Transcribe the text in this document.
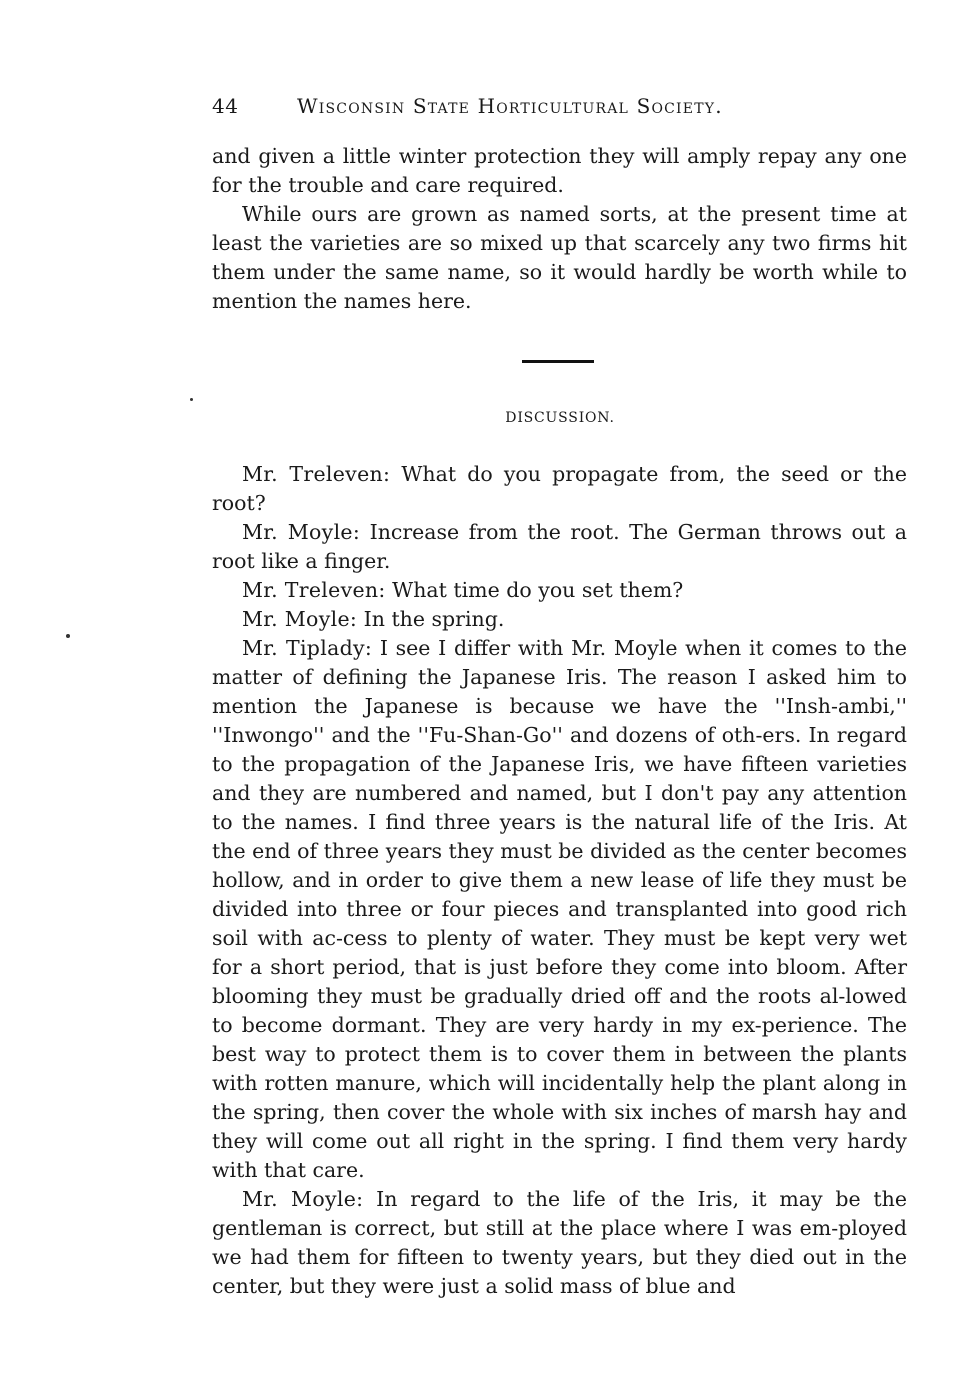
44	Wisconsin State Horticultural Society.

and given a little winter protection they will amply repay any one for the trouble and care required.

While ours are grown as named sorts, at the present time at least the varieties are so mixed up that scarcely any two firms hit them under the same name, so it would hardly be worth while to mention the names here.

DISCUSSION.

Mr. Treleven: What do you propagate from, the seed or the root?

Mr. Moyle: Increase from the root. The German throws out a root like a finger.

Mr. Treleven: What time do you set them?

Mr. Moyle: In the spring.

Mr. Tiplady: I see I differ with Mr. Moyle when it comes to the matter of defining the Japanese Iris. The reason I asked him to mention the Japanese is because we have the ''Insh-ambi,'' ''Inwongo'' and the ''Fu-Shan-Go'' and dozens of oth-ers. In regard to the propagation of the Japanese Iris, we have fifteen varieties and they are numbered and named, but I don't pay any attention to the names. I find three years is the natural life of the Iris. At the end of three years they must be divided as the center becomes hollow, and in order to give them a new lease of life they must be divided into three or four pieces and transplanted into good rich soil with ac-cess to plenty of water. They must be kept very wet for a short period, that is just before they come into bloom. After blooming they must be gradually dried off and the roots al-lowed to become dormant. They are very hardy in my ex-perience. The best way to protect them is to cover them in between the plants with rotten manure, which will incidentally help the plant along in the spring, then cover the whole with six inches of marsh hay and they will come out all right in the spring. I find them very hardy with that care.

Mr. Moyle: In regard to the life of the Iris, it may be the gentleman is correct, but still at the place where I was em-ployed we had them for fifteen to twenty years, but they died out in the center, but they were just a solid mass of blue and
